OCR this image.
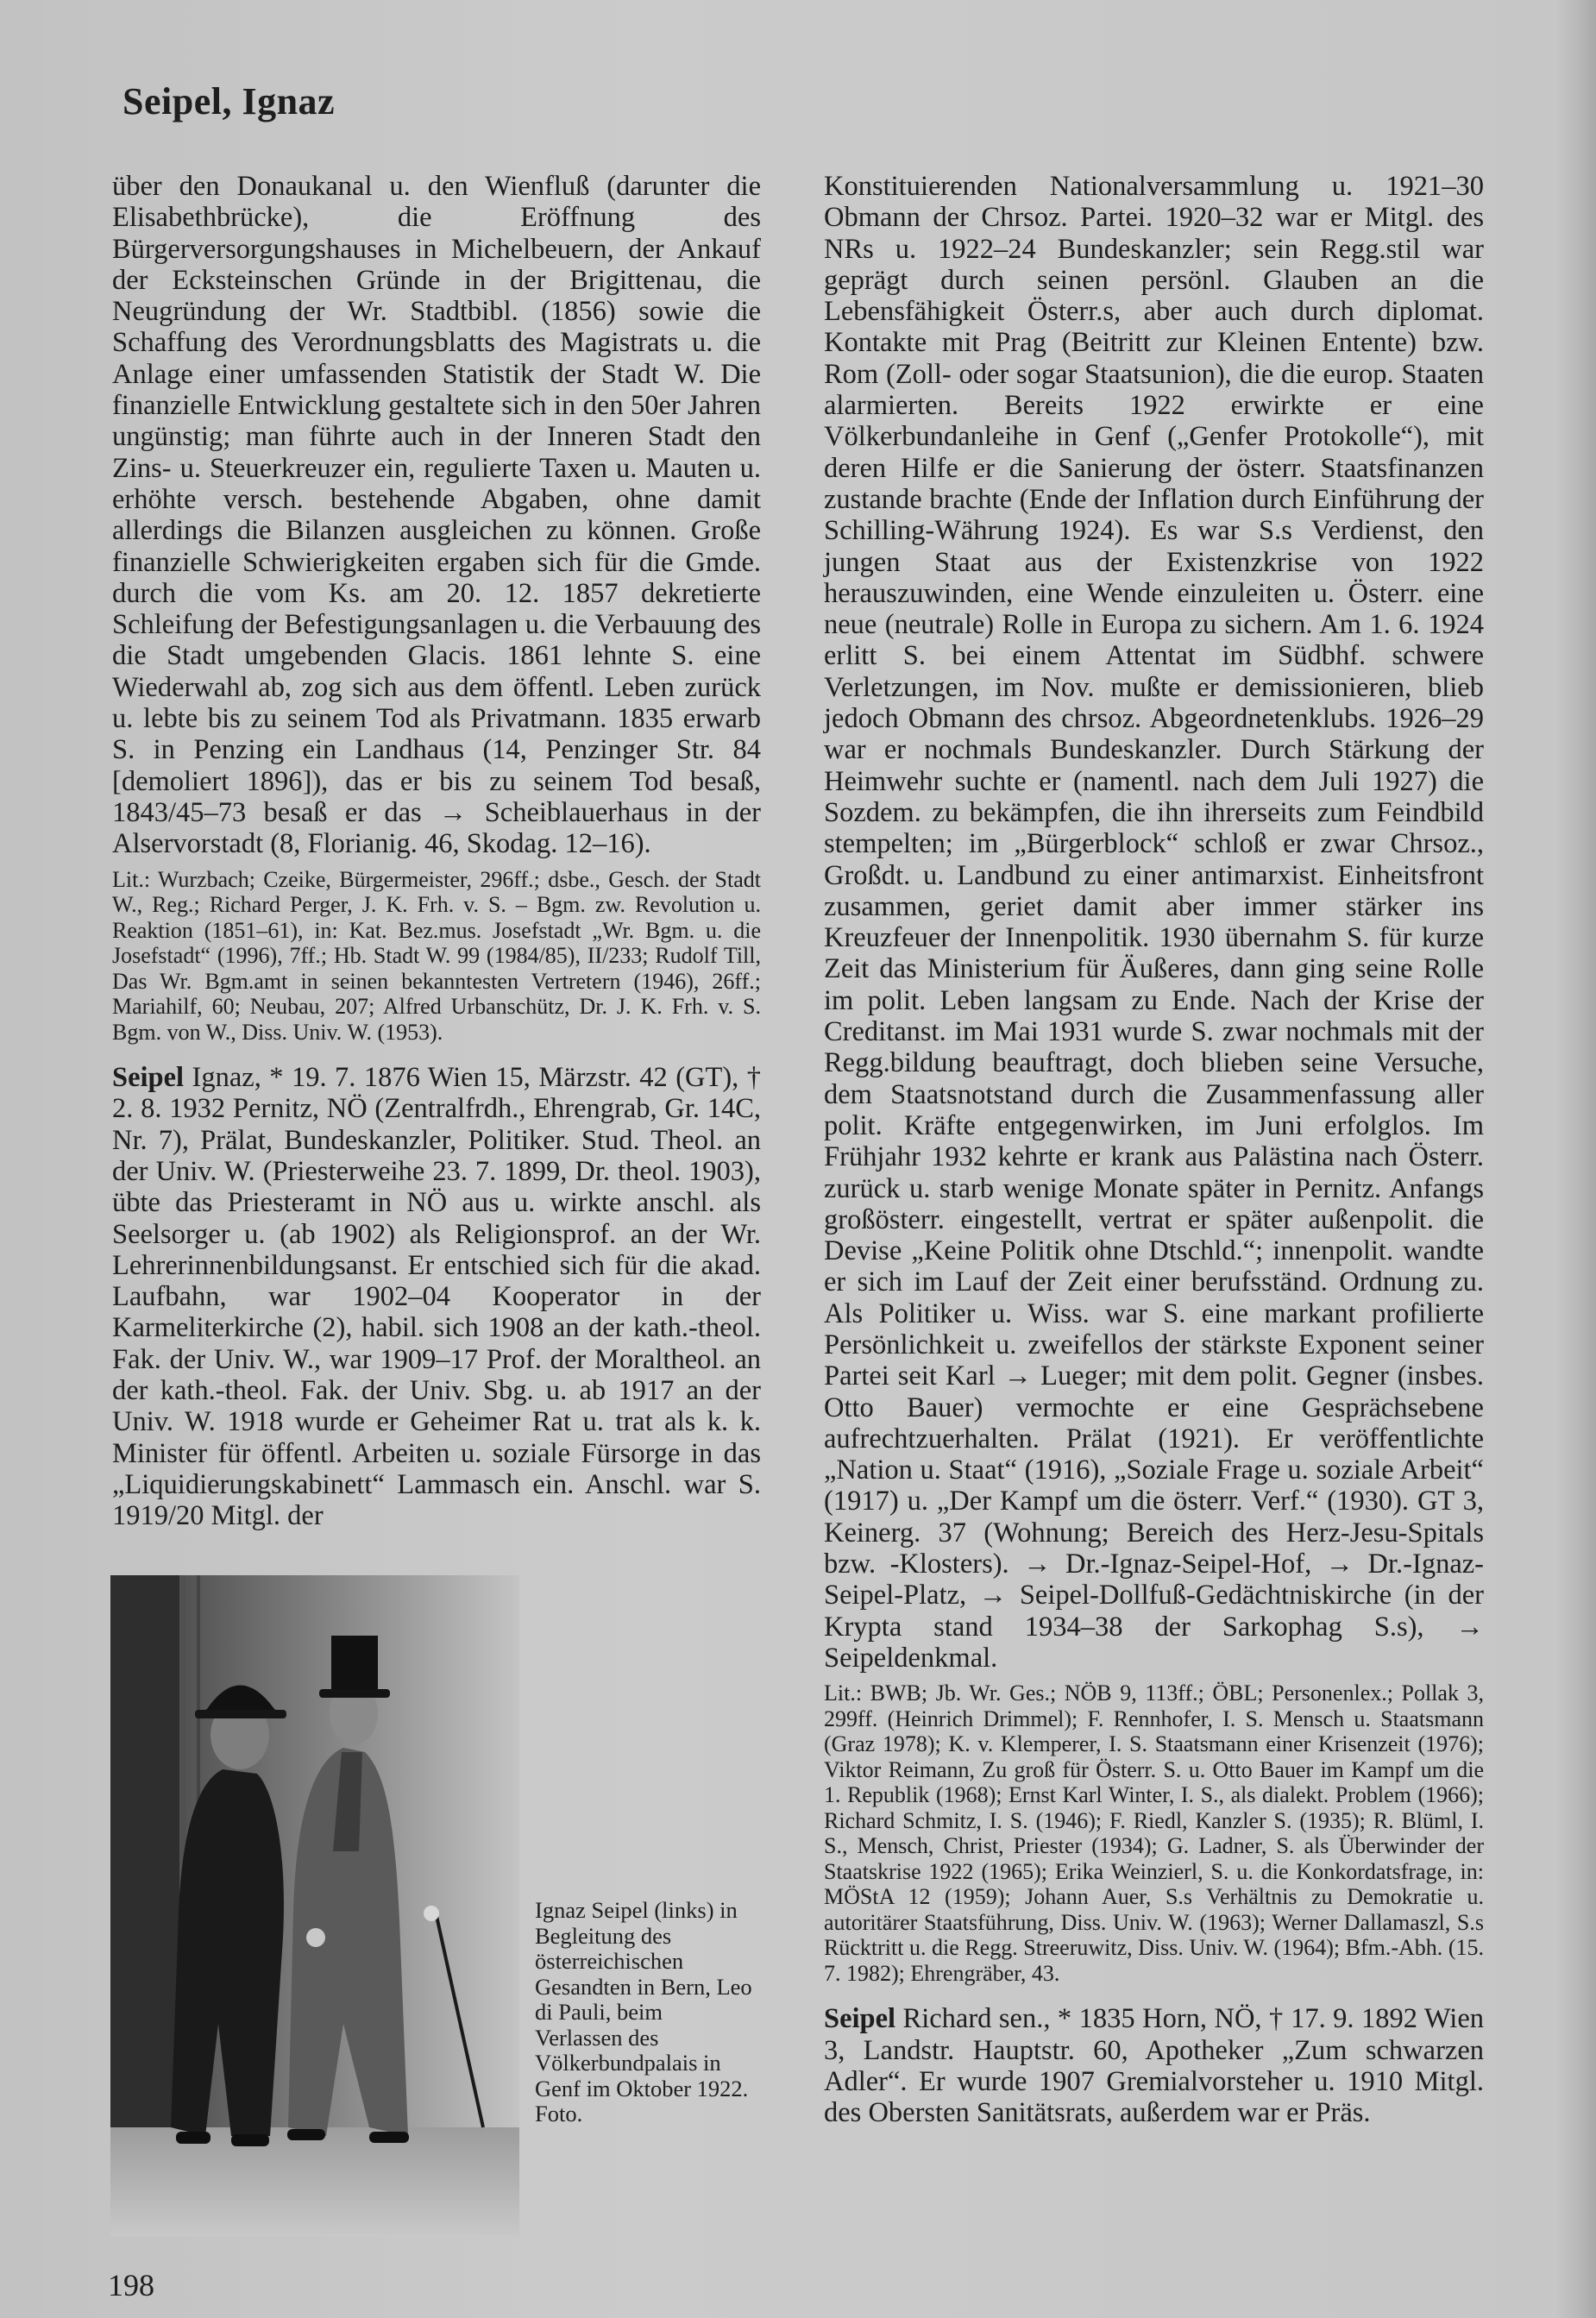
Seipel, Ignaz

über den Donaukanal u. den Wienfluß (darunter die Elisabethbrücke), die Eröffnung des Bürgerversorgungshauses in Michelbeuern, der Ankauf der Ecksteinschen Gründe in der Brigittenau, die Neugründung der Wr. Stadtbibl. (1856) sowie die Schaffung des Verordnungsblatts des Magistrats u. die Anlage einer umfassenden Statistik der Stadt W. Die finanzielle Entwicklung gestaltete sich in den 50er Jahren ungünstig; man führte auch in der Inneren Stadt den Zins- u. Steuerkreuzer ein, regulierte Taxen u. Mauten u. erhöhte versch. bestehende Abgaben, ohne damit allerdings die Bilanzen ausgleichen zu können. Große finanzielle Schwierigkeiten ergaben sich für die Gmde. durch die vom Ks. am 20. 12. 1857 dekretierte Schleifung der Befestigungsanlagen u. die Verbauung des die Stadt umgebenden Glacis. 1861 lehnte S. eine Wiederwahl ab, zog sich aus dem öffentl. Leben zurück u. lebte bis zu seinem Tod als Privatmann. 1835 erwarb S. in Penzing ein Landhaus (14, Penzinger Str. 84 [demoliert 1896]), das er bis zu seinem Tod besaß, 1843/45–73 besaß er das → Scheiblauerhaus in der Alservorstadt (8, Florianig. 46, Skodag. 12–16).

Lit.: Wurzbach; Czeike, Bürgermeister, 296ff.; dsbe., Gesch. der Stadt W., Reg.; Richard Perger, J. K. Frh. v. S. – Bgm. zw. Revolution u. Reaktion (1851–61), in: Kat. Bez.mus. Josefstadt „Wr. Bgm. u. die Josefstadt“ (1996), 7ff.; Hb. Stadt W. 99 (1984/85), II/233; Rudolf Till, Das Wr. Bgm.amt in seinen bekanntesten Vertretern (1946), 26ff.; Mariahilf, 60; Neubau, 207; Alfred Urbanschütz, Dr. J. K. Frh. v. S. Bgm. von W., Diss. Univ. W. (1953).

Seipel Ignaz, * 19. 7. 1876 Wien 15, Märzstr. 42 (GT), † 2. 8. 1932 Pernitz, NÖ (Zentralfrdh., Ehrengrab, Gr. 14C, Nr. 7), Prälat, Bundeskanzler, Politiker. Stud. Theol. an der Univ. W. (Priesterweihe 23. 7. 1899, Dr. theol. 1903), übte das Priesteramt in NÖ aus u. wirkte anschl. als Seelsorger u. (ab 1902) als Religionsprof. an der Wr. Lehrerinnenbildungsanst. Er entschied sich für die akad. Laufbahn, war 1902–04 Kooperator in der Karmeliterkirche (2), habil. sich 1908 an der kath.-theol. Fak. der Univ. W., war 1909–17 Prof. der Moraltheol. an der kath.-theol. Fak. der Univ. Sbg. u. ab 1917 an der Univ. W. 1918 wurde er Geheimer Rat u. trat als k. k. Minister für öffentl. Arbeiten u. soziale Fürsorge in das „Liquidierungskabinett“ Lammasch ein. Anschl. war S. 1919/20 Mitgl. der

Ignaz Seipel (links) in Begleitung des österreichischen Gesandten in Bern, Leo di Pauli, beim Verlassen des Völkerbundpalais in Genf im Oktober 1922. Foto.

Konstituierenden Nationalversammlung u. 1921–30 Obmann der Chrsoz. Partei. 1920–32 war er Mitgl. des NRs u. 1922–24 Bundeskanzler; sein Regg.stil war geprägt durch seinen persönl. Glauben an die Lebensfähigkeit Österr.s, aber auch durch diplomat. Kontakte mit Prag (Beitritt zur Kleinen Entente) bzw. Rom (Zoll- oder sogar Staatsunion), die die europ. Staaten alarmierten. Bereits 1922 erwirkte er eine Völkerbundanleihe in Genf („Genfer Protokolle“), mit deren Hilfe er die Sanierung der österr. Staatsfinanzen zustande brachte (Ende der Inflation durch Einführung der Schilling-Währung 1924). Es war S.s Verdienst, den jungen Staat aus der Existenzkrise von 1922 herauszuwinden, eine Wende einzuleiten u. Österr. eine neue (neutrale) Rolle in Europa zu sichern. Am 1. 6. 1924 erlitt S. bei einem Attentat im Südbhf. schwere Verletzungen, im Nov. mußte er demissionieren, blieb jedoch Obmann des chrsoz. Abgeordnetenklubs. 1926–29 war er nochmals Bundeskanzler. Durch Stärkung der Heimwehr suchte er (namentl. nach dem Juli 1927) die Sozdem. zu bekämpfen, die ihn ihrerseits zum Feindbild stempelten; im „Bürgerblock“ schloß er zwar Chrsoz., Großdt. u. Landbund zu einer antimarxist. Einheitsfront zusammen, geriet damit aber immer stärker ins Kreuzfeuer der Innenpolitik. 1930 übernahm S. für kurze Zeit das Ministerium für Äußeres, dann ging seine Rolle im polit. Leben langsam zu Ende. Nach der Krise der Creditanst. im Mai 1931 wurde S. zwar nochmals mit der Regg.bildung beauftragt, doch blieben seine Versuche, dem Staatsnotstand durch die Zusammenfassung aller polit. Kräfte entgegenwirken, im Juni erfolglos. Im Frühjahr 1932 kehrte er krank aus Palästina nach Österr. zurück u. starb wenige Monate später in Pernitz. Anfangs großösterr. eingestellt, vertrat er später außenpolit. die Devise „Keine Politik ohne Dtschld.“; innenpolit. wandte er sich im Lauf der Zeit einer berufsständ. Ordnung zu. Als Politiker u. Wiss. war S. eine markant profilierte Persönlichkeit u. zweifellos der stärkste Exponent seiner Partei seit Karl → Lueger; mit dem polit. Gegner (insbes. Otto Bauer) vermochte er eine Gesprächsebene aufrechtzuerhalten. Prälat (1921). Er veröffentlichte „Nation u. Staat“ (1916), „Soziale Frage u. soziale Arbeit“ (1917) u. „Der Kampf um die österr. Verf.“ (1930). GT 3, Keinerg. 37 (Wohnung; Bereich des Herz-Jesu-Spitals bzw. -Klosters). → Dr.-Ignaz-Seipel-Hof, → Dr.-Ignaz-Seipel-Platz, → Seipel-Dollfuß-Gedächtniskirche (in der Krypta stand 1934–38 der Sarkophag S.s), → Seipeldenkmal.

Lit.: BWB; Jb. Wr. Ges.; NÖB 9, 113ff.; ÖBL; Personenlex.; Pollak 3, 299ff. (Heinrich Drimmel); F. Rennhofer, I. S. Mensch u. Staatsmann (Graz 1978); K. v. Klemperer, I. S. Staatsmann einer Krisenzeit (1976); Viktor Reimann, Zu groß für Österr. S. u. Otto Bauer im Kampf um die 1. Republik (1968); Ernst Karl Winter, I. S., als dialekt. Problem (1966); Richard Schmitz, I. S. (1946); F. Riedl, Kanzler S. (1935); R. Blüml, I. S., Mensch, Christ, Priester (1934); G. Ladner, S. als Überwinder der Staatskrise 1922 (1965); Erika Weinzierl, S. u. die Konkordatsfrage, in: MÖStA 12 (1959); Johann Auer, S.s Verhältnis zu Demokratie u. autoritärer Staatsführung, Diss. Univ. W. (1963); Werner Dallamaszl, S.s Rücktritt u. die Regg. Streeruwitz, Diss. Univ. W. (1964); Bfm.-Abh. (15. 7. 1982); Ehrengräber, 43.

Seipel Richard sen., * 1835 Horn, NÖ, † 17. 9. 1892 Wien 3, Landstr. Hauptstr. 60, Apotheker „Zum schwarzen Adler“. Er wurde 1907 Gremialvorsteher u. 1910 Mitgl. des Obersten Sanitätsrats, außerdem war er Präs.

198
